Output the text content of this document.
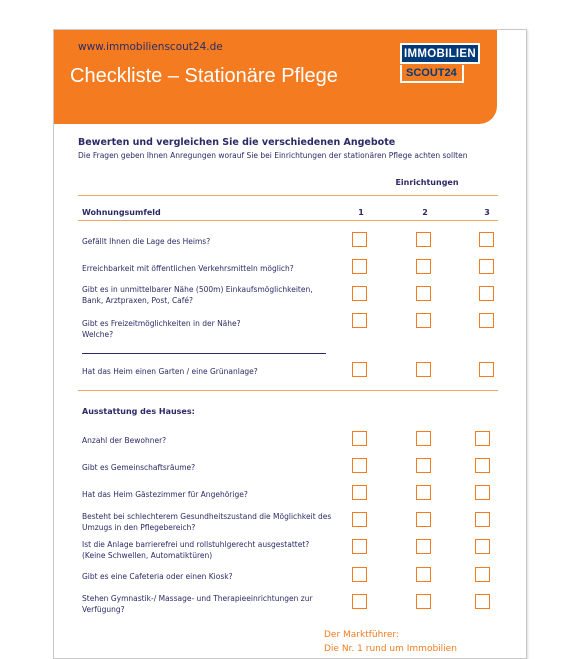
www.immobilienscout24.de
Checkliste – Stationäre Pflege
IMMOBILIEN
SCOUT24
Bewerten und vergleichen Sie die verschiedenen Angebote
Die Fragen geben Ihnen Anregungen worauf Sie bei Einrichtungen der stationären Pflege achten sollten
Einrichtungen
Wohnungsumfeld	1	2	3
Gefällt Ihnen die Lage des Heims?
Erreichbarkeit mit öffentlichen Verkehrsmitteln möglich?
Gibt es in unmittelbarer Nähe (500m) Einkaufsmöglichkeiten,
Bank, Arztpraxen, Post, Café?
Gibt es Freizeitmöglichkeiten in der Nähe?
Welche?
Hat das Heim einen Garten / eine Grünanlage?
Ausstattung des Hauses:
Anzahl der Bewohner?
Gibt es Gemeinschaftsräume?
Hat das Heim Gästezimmer für Angehörige?
Besteht bei schlechterem Gesundheitszustand die Möglichkeit des
Umzugs in den Pflegebereich?
Ist die Anlage barrierefrei und rollstuhlgerecht ausgestattet?
(Keine Schwellen, Automatiktüren)
Gibt es eine Cafeteria oder einen Kiosk?
Stehen Gymnastik-/ Massage- und Therapieeinrichtungen zur
Verfügung?
Der Marktführer:
Die Nr. 1 rund um Immobilien
